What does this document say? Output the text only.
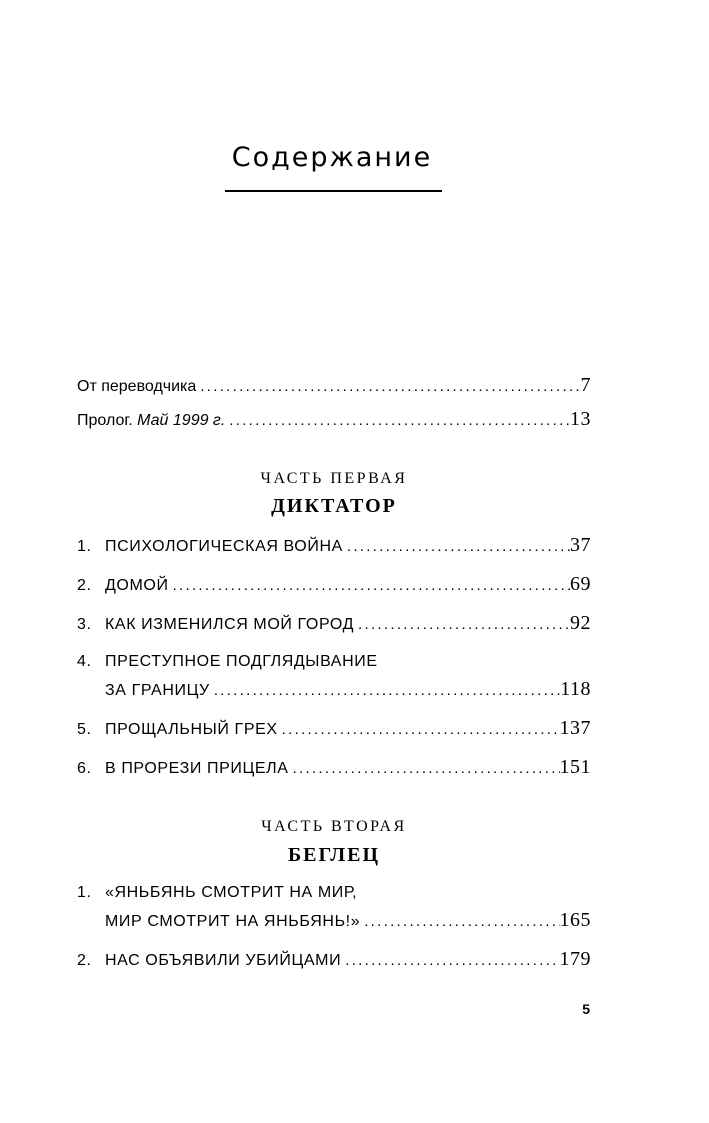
Содержание
От переводчика .....	7
Пролог. Май 1999 г. .....	13
ЧАСТЬ ПЕРВАЯ
ДИКТАТОР
1. ПСИХОЛОГИЧЕСКАЯ ВОЙНА .....	37
2. ДОМОЙ .....	69
3. КАК ИЗМЕНИЛСЯ МОЙ ГОРОД .....	92
4. ПРЕСТУПНОЕ ПОДГЛЯДЫВАНИЕ
ЗА ГРАНИЦУ .....	118
5. ПРОЩАЛЬНЫЙ ГРЕХ .....	137
6. В ПРОРЕЗИ ПРИЦЕЛА .....	151
ЧАСТЬ ВТОРАЯ
БЕГЛЕЦ
1. «ЯНЬБЯНЬ СМОТРИТ НА МИР,
МИР СМОТРИТ НА ЯНЬБЯНЬ!» .....	165
2. НАС ОБЪЯВИЛИ УБИЙЦАМИ .....	179
5
